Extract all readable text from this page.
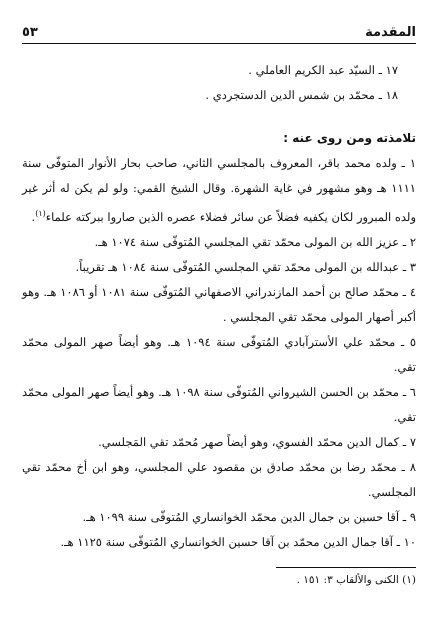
المقدمة
٥٣

١٧ ـ السيّد عبد الكريم العاملي .

١٨ ـ محمّد بن شمس الدين الدستجردي .

تلامذته ومن روى عنه :

١ ـ ولده محمد باقر، المعروف بالمجلسي الثاني، صاحب بحار الأنوار المتوفّى سنة ١١١١ هـ وهو مشهور في غاية الشهرة. وقال الشيخ القمي: ولو لم يكن له أثر غير ولده المبرور لكان يكفيه فضلاً عن سائر فضلاء عصره الذين صاروا ببركته علماء$^{(١)}$.

٢ ـ عزيز الله بن المولى محمّد تقي المجلسي المُتوفّى سنة ١٠٧٤ هـ.

٣ ـ عبدالله بن المولى محمّد تقي المجلسي المُتوفّى سنة ١٠٨٤ هـ تقريباً.

٤ ـ محمّد صالح بن أحمد المازندراني الاصفهاني المُتوفّى سنة ١٠٨١ أو ١٠٨٦ هـ. وهو أكبر أصهار المولى محمّد تقي المجلسي .

٥ ـ محمّد علي الأسترآبادي المُتوفّى سنة ١٠٩٤ هـ. وهو أيضاً صهر المولى محمّد تقي.

٦ ـ محمّد بن الحسن الشيرواني المُتوفّى سنة ١٠٩٨ هـ. وهو أيضاً صهر المولى محمّد تقي.

٧ ـ كمال الدين محمّد الفسوي، وهو أيضاً صهر مُحمّد تقي المَجلسي.

٨ ـ محمّد رضا بن محمّد صادق بن مقصود علي المجلسي، وهو ابن أخ محمّد تقي المجلسي.

٩ ـ آقا حسين بن جمال الدين محمّد الخوانساري المُتوفّى سنة ١٠٩٩ هـ.

١٠ ـ آقا جمال الدين محمّد بن آقا حسين الخوانساري المُتوفّى سنة ١١٢٥ هـ.

(١) الكنى والألقاب ٣: ١٥١ .
